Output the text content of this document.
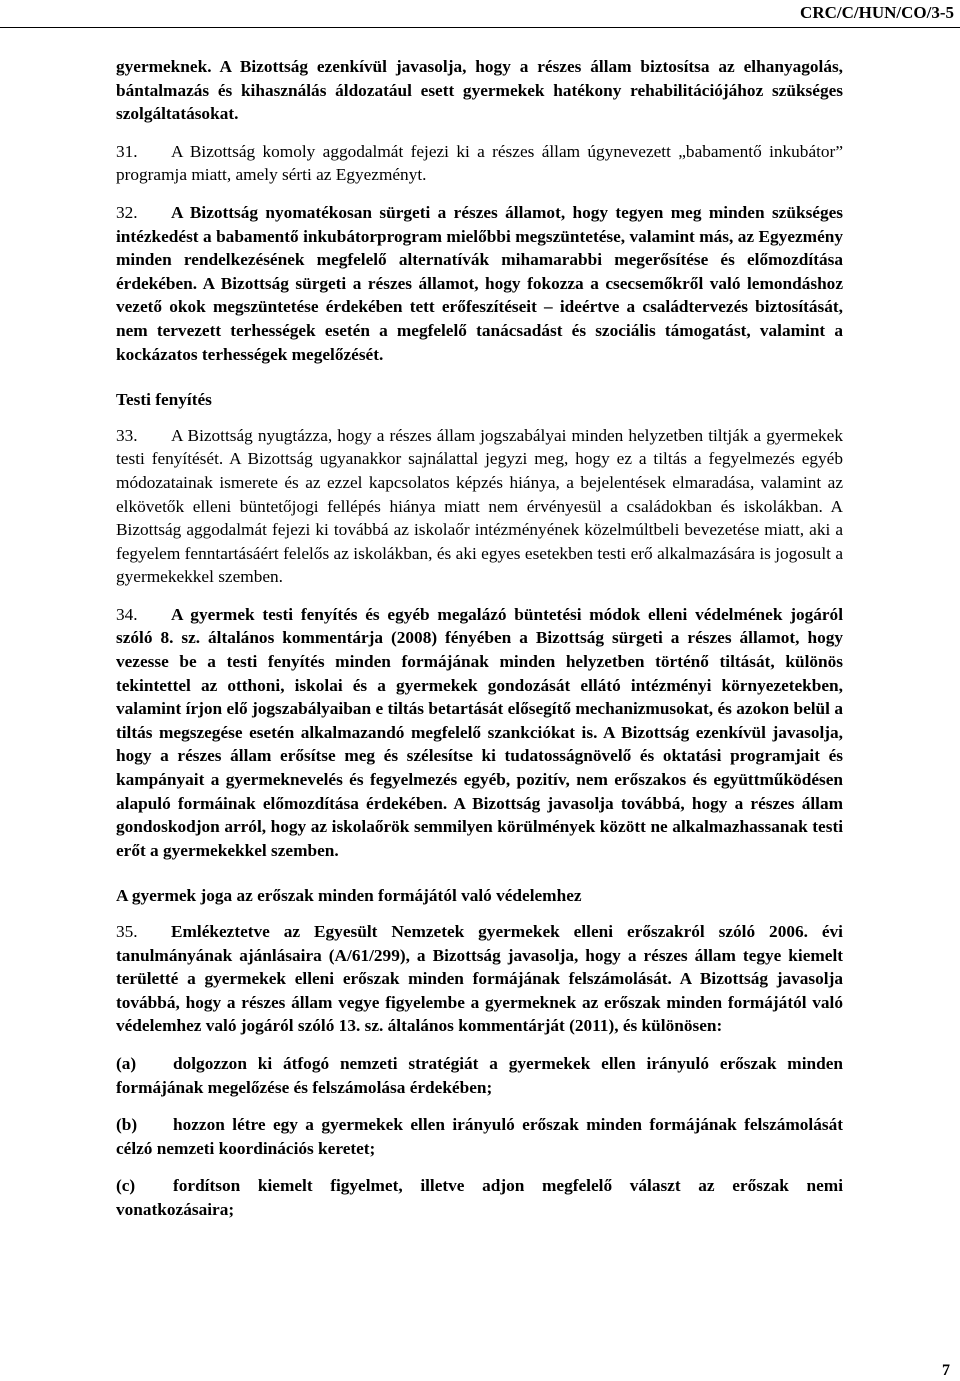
CRC/C/HUN/CO/3-5

gyermeknek. A Bizottság ezenkívül javasolja, hogy a részes állam biztosítsa az elhanyagolás, bántalmazás és kihasználás áldozatául esett gyermekek hatékony rehabilitációjához szükséges szolgáltatásokat.

31. A Bizottság komoly aggodalmát fejezi ki a részes állam úgynevezett „babamentő inkubátor” programja miatt, amely sérti az Egyezményt.

32. A Bizottság nyomatékosan sürgeti a részes államot, hogy tegyen meg minden szükséges intézkedést a babamentő inkubátorprogram mielőbbi megszüntetése, valamint más, az Egyezmény minden rendelkezésének megfelelő alternatívák mihamarabbi megerősítése és előmozdítása érdekében. A Bizottság sürgeti a részes államot, hogy fokozza a csecsemőkről való lemondáshoz vezető okok megszüntetése érdekében tett erőfeszítéseit – ideértve a családtervezés biztosítását, nem tervezett terhességek esetén a megfelelő tanácsadást és szociális támogatást, valamint a kockázatos terhességek megelőzését.

Testi fenyítés

33. A Bizottság nyugtázza, hogy a részes állam jogszabályai minden helyzetben tiltják a gyermekek testi fenyítését. A Bizottság ugyanakkor sajnálattal jegyzi meg, hogy ez a tiltás a fegyelmezés egyéb módozatainak ismerete és az ezzel kapcsolatos képzés hiánya, a bejelentések elmaradása, valamint az elkövetők elleni büntetőjogi fellépés hiánya miatt nem érvényesül a családokban és iskolákban. A Bizottság aggodalmát fejezi ki továbbá az iskolaőr intézményének közelmúltbeli bevezetése miatt, aki a fegyelem fenntartásáért felelős az iskolákban, és aki egyes esetekben testi erő alkalmazására is jogosult a gyermekekkel szemben.

34. A gyermek testi fenyítés és egyéb megalázó büntetési módok elleni védelmének jogáról szóló 8. sz. általános kommentárja (2008) fényében a Bizottság sürgeti a részes államot, hogy vezesse be a testi fenyítés minden formájának minden helyzetben történő tiltását, különös tekintettel az otthoni, iskolai és a gyermekek gondozását ellátó intézményi környezetekben, valamint írjon elő jogszabályaiban e tiltás betartását elősegítő mechanizmusokat, és azokon belül a tiltás megszegése esetén alkalmazandó megfelelő szankciókat is. A Bizottság ezenkívül javasolja, hogy a részes állam erősítse meg és szélesítse ki tudatosságnövelő és oktatási programjait és kampányait a gyermeknevelés és fegyelmezés egyéb, pozitív, nem erőszakos és együttműködésen alapuló formáinak előmozdítása érdekében. A Bizottság javasolja továbbá, hogy a részes állam gondoskodjon arról, hogy az iskolaőrök semmilyen körülmények között ne alkalmazhassanak testi erőt a gyermekekkel szemben.

A gyermek joga az erőszak minden formájától való védelemhez

35. Emlékeztetve az Egyesült Nemzetek gyermekek elleni erőszakról szóló 2006. évi tanulmányának ajánlásaira (A/61/299), a Bizottság javasolja, hogy a részes állam tegye kiemelt területté a gyermekek elleni erőszak minden formájának felszámolását. A Bizottság javasolja továbbá, hogy a részes állam vegye figyelembe a gyermeknek az erőszak minden formájától való védelemhez való jogáról szóló 13. sz. általános kommentárját (2011), és különösen:

(a) dolgozzon ki átfogó nemzeti stratégiát a gyermekek ellen irányuló erőszak minden formájának megelőzése és felszámolása érdekében;

(b) hozzon létre egy a gyermekek ellen irányuló erőszak minden formájának felszámolását célzó nemzeti koordinációs keretet;

(c) fordítson kiemelt figyelmet, illetve adjon megfelelő választ az erőszak nemi vonatkozásaira;

7
